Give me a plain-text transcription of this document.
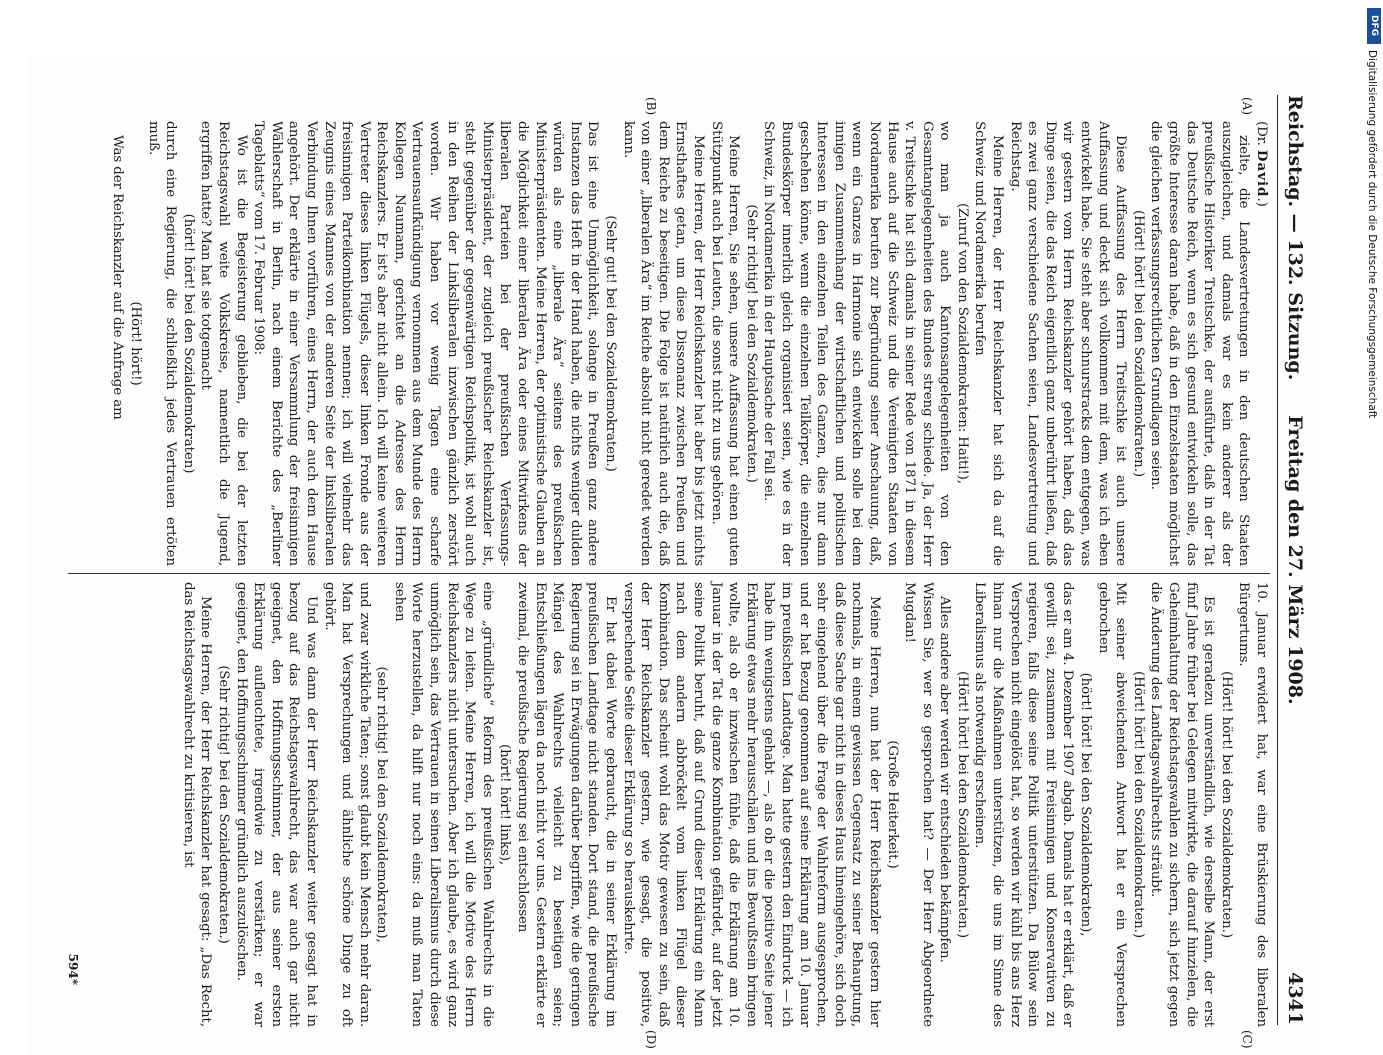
Reichstag. — 132. Sitzung.
Freitag den 27. März 1908.
4341
(A)
(B)
(C)
(D)

(Dr. David.)

zielte, die Landesvertretungen in den deutschen Staaten auszugleichen, und damals war es kein anderer als der preußische Historiker Treitschke, der ausführte, daß in der Tat das Deutsche Reich, wenn es sich gesund entwickeln solle, das größte Interesse daran habe, daß in den Einzelstaaten möglichst die gleichen verfassungsrechtlichen Grundlagen seien.

(Hört! hört! bei den Sozialdemokraten.)

Diese Auffassung des Herrn Treitschke ist auch unsere Auffassung und deckt sich vollkommen mit dem, was ich eben entwickelt habe. Sie steht aber schnurstracks dem entgegen, was wir gestern vom Herrn Reichskanzler gehört haben, daß das Dinge seien, die das Reich eigentlich ganz unberührt ließen, daß es zwei ganz verschiedene Sachen seien, Landesvertretung und Reichstag.

Meine Herren, der Herr Reichskanzler hat sich da auf die Schweiz und Nordamerika berufen

(Zuruf von den Sozialdemokraten: Haiti!),

wo man ja auch Kantonsangelegenheiten von den Gesamtangelegenheiten des Bundes streng schiede. Ja, der Herr v. Treitschke hat sich damals in seiner Rede von 1871 in diesem Hause auch auf die Schweiz und die Vereinigten Staaten von Nordamerika berufen zur Begründung seiner Anschauung, daß, wenn ein Ganzes in Harmonie sich entwickeln solle bei dem innigen Zusammenhang der wirtschaftlichen und politischen Interessen in den einzelnen Teilen des Ganzen, dies nur dann geschehen könne, wenn die einzelnen Teilkörper, die einzelnen Bundeskörper innerlich gleich organisiert seien, wie es in der Schweiz, in Nordamerika in der Hauptsache der Fall sei.

(Sehr richtig! bei den Sozialdemokraten.)

Meine Herren, Sie sehen, unsere Auffassung hat einen guten Stützpunkt auch bei Leuten, die sonst nicht zu uns gehören.

Meine Herren, der Herr Reichskanzler hat aber bis jetzt nichts Ernsthaftes getan, um diese Dissonanz zwischen Preußen und dem Reiche zu beseitigen. Die Folge ist natürlich auch die, daß von einer „liberalen Ära“ im Reiche absolut nicht geredet werden kann.

(Sehr gut! bei den Sozialdemokraten.)

Das ist eine Unmöglichkeit, solange in Preußen ganz andere Instanzen das Heft in der Hand haben, die nichts weniger dulden würden als eine „liberale Ära“ seitens des preußischen Ministerpräsidenten. Meine Herren, der optimistische Glauben an die Möglichkeit einer liberalen Ära oder eines Mitwirkens der liberalen Parteien bei der preußischen Verfassungs- Ministerpräsident, der zugleich preußischer Reichskanzler ist, steht gegenüber der gegenwärtigen Reichspolitik, ist wohl auch in den Reihen der Linksliberalen inzwischen gänzlich zerstört worden. Wir haben vor wenig Tagen eine scharfe Vertrauensaufkündigung vernommen aus dem Munde des Herrn Kollegen Naumann, gerichtet an die Adresse des Herrn Reichskanzlers. Er ist's aber nicht allein. Ich will keine weiteren Vertreter dieses linken Flügels, dieser linken Fronde aus der freisinnigen Parteikombination nennen; ich will vielmehr das Zeugnis eines Mannes von der anderen Seite der linksliberalen Verbindung Ihnen vorführen, eines Herrn, der auch dem Hause angehört. Der erklärte in einer Versammlung der freisinnigen Wählerschaft in Berlin, nach einem Berichte des „Berliner Tageblatts“ vom 17. Februar 1908:

Wo ist die Begeisterung geblieben, die bei der letzten Reichstagswahl weite Volkskreise, namentlich die Jugend, ergriffen hatte? Man hat sie totgemacht

(hört! hört! bei den Sozialdemokraten)

durch eine Regierung, die schließlich jedes Vertrauen ertöten muß.

(Hört! hört!)

Was der Reichskanzler auf die Anfrage am

10. Januar erwidert hat, war eine Brüskierung des liberalen Bürgertums.

(Hört! hört! bei den Sozialdemokraten.)

Es ist geradezu unverständlich, wie derselbe Mann, der erst fünf Jahre früher bei Gelegen mitwirkte, die darauf hinzielen, die Geheimhaltung der Reichstagswahlen zu sichern, sich jetzt gegen die Änderung des Landtagswahlrechts sträubt.

(Hört! hört! bei den Sozialdemokraten.)

Mit seiner abweichenden Antwort hat er ein Versprechen gebrochen

(hört! hört! bei den Sozialdemokraten),

das er am 4. Dezember 1907 abgab. Damals hat er erklärt, daß er gewillt sei, zusammen mit Freisinnigen und Konservativen zu regieren, falls diese seine Politik unterstützen. Da Bülow sein Versprechen nicht eingelöst hat, so werden wir kühl bis ans Herz hinan nur die Maßnahmen unterstützen, die uns im Sinne des Liberalismus als notwendig erscheinen.

(Hört! hört! bei den Sozialdemokraten.)

Alles andere aber werden wir entschieden bekämpfen.

Wissen Sie, wer so gesprochen hat? — Der Herr Abgeordnete Mugdan!

(Große Heiterkeit.)

Meine Herren, nun hat der Herr Reichskanzler gestern hier nochmals, in einem gewissen Gegensatz zu seiner Behauptung, daß diese Sache gar nicht in dieses Haus hineingehöre, sich doch sehr eingehend über die Frage der Wahlreform ausgesprochen, und er hat Bezug genommen auf seine Erklärung am 10. Januar im preußischen Landtage. Man hatte gestern den Eindruck — ich habe ihn wenigstens gehabt —, als ob er die positive Seite jener Erklärung etwas mehr herausschälen und ins Bewußtsein bringen wollte, als ob er inzwischen fühle, daß die Erklärung am 10. Januar in der Tat die ganze Kombination gefährdet, auf der jetzt seine Politik beruht, daß auf Grund dieser Erklärung ein Mann nach dem andern abbröckelt vom linken Flügel dieser Kombination. Das scheint wohl das Motiv gewesen zu sein, daß der Herr Reichskanzler gestern, wie gesagt, die positive, versprechende Seite dieser Erklärung so herauskehrte.

Er hat dabei Worte gebraucht, die in seiner Erklärung im preußischen Landtage nicht standen. Dort stand, die preußische Regierung sei in Erwägungen darüber begriffen, wie die geringen Mängel des Wahlrechts vielleicht zu beseitigen seien; Entschließungen lägen da noch nicht vor uns. Gestern erklärte er zweimal, die preußische Regierung sei entschlossen

(hört! hört! links),

eine „gründliche“ Reform des preußischen Wahlrechts in die Wege zu leiten. Meine Herren, ich will die Motive des Herrn Reichskanzlers nicht untersuchen. Aber ich glaube, es wird ganz unmöglich sein, das Vertrauen in seinen Liberalismus durch diese Worte herzustellen, da hilft nur noch eins: da muß man Taten sehen

(sehr richtig! bei den Sozialdemokraten),

und zwar wirkliche Taten; sonst glaubt kein Mensch mehr daran. Man hat Versprechungen und ähnliche schöne Dinge zu oft gehört.

Und was dann der Herr Reichskanzler weiter gesagt hat in bezug auf das Reichstagswahlrecht, das war auch gar nicht geeignet, den Hoffnungsschimmer, der aus seiner ersten Erklärung aufleuchtete, irgendwie zu verstärken; er war geeignet, den Hoffnungsschimmer gründlich auszulöschen.

(Sehr richtig! bei den Sozialdemokraten.)

Meine Herren, der Herr Reichskanzler hat gesagt: „Das Recht, das Reichstagswahlrecht zu kritisieren, ist

594*
DFG
Digitalisierung gefördert durch die Deutsche Forschungsgemeinschaft
